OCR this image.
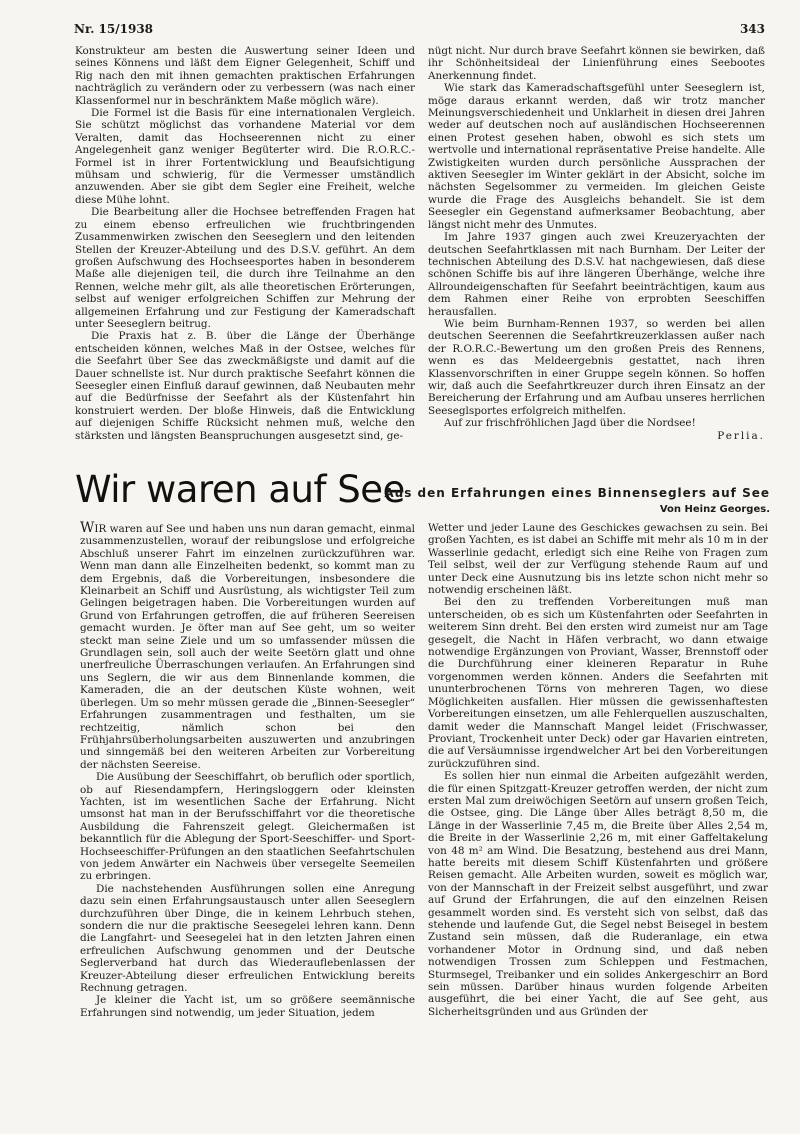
Nr. 15/1938	343

Konstrukteur am besten die Auswertung seiner Ideen und seines Könnens und läßt dem Eigner Gelegenheit, Schiff und Rig nach den mit ihnen gemachten praktischen Erfahrungen nachträglich zu verändern oder zu verbessern (was nach einer Klassenformel nur in beschränktem Maße möglich wäre).

Die Formel ist die Basis für eine internationalen Vergleich. Sie schützt möglichst das vorhandene Material vor dem Veralten, damit das Hochseerennen nicht zu einer Angelegenheit ganz weniger Begüterter wird. Die R.O.R.C.-Formel ist in ihrer Fortentwicklung und Beaufsichtigung mühsam und schwierig, für die Vermesser umständlich anzuwenden. Aber sie gibt dem Segler eine Freiheit, welche diese Mühe lohnt.

Die Bearbeitung aller die Hochsee betreffenden Fragen hat zu einem ebenso erfreulichen wie fruchtbringenden Zusammenwirken zwischen den Seeseglern und den leitenden Stellen der Kreuzer-Abteilung und des D.S.V. geführt. An dem großen Aufschwung des Hochseesportes haben in besonderem Maße alle diejenigen teil, die durch ihre Teilnahme an den Rennen, welche mehr gilt, als alle theoretischen Erörterungen, selbst auf weniger erfolgreichen Schiffen zur Mehrung der allgemeinen Erfahrung und zur Festigung der Kameradschaft unter Seeseglern beitrug.

Die Praxis hat z. B. über die Länge der Überhänge entscheiden können, welches Maß in der Ostsee, welches für die Seefahrt über See das zweckmäßigste und damit auf die Dauer schnellste ist. Nur durch praktische Seefahrt können die Seesegler einen Einfluß darauf gewinnen, daß Neubauten mehr auf die Bedürfnisse der Seefahrt als der Küstenfahrt hin konstruiert werden. Der bloße Hinweis, daß die Entwicklung auf diejenigen Schiffe Rücksicht nehmen muß, welche den stärksten und längsten Beanspruchungen ausgesetzt sind, ge-

nügt nicht. Nur durch brave Seefahrt können sie bewirken, daß ihr Schönheitsideal der Linienführung eines Seebootes Anerkennung findet.

Wie stark das Kameradschaftsgefühl unter Seeseglern ist, möge daraus erkannt werden, daß wir trotz mancher Meinungsverschiedenheit und Unklarheit in diesen drei Jahren weder auf deutschen noch auf ausländischen Hochseerennen einen Protest gesehen haben, obwohl es sich stets um wertvolle und international repräsentative Preise handelte. Alle Zwistigkeiten wurden durch persönliche Aussprachen der aktiven Seesegler im Winter geklärt in der Absicht, solche im nächsten Segelsommer zu vermeiden. Im gleichen Geiste wurde die Frage des Ausgleichs behandelt. Sie ist dem Seesegler ein Gegenstand aufmerksamer Beobachtung, aber längst nicht mehr des Unmutes.

Im Jahre 1937 gingen auch zwei Kreuzeryachten der deutschen Seefahrtklassen mit nach Burnham. Der Leiter der technischen Abteilung des D.S.V. hat nachgewiesen, daß diese schönen Schiffe bis auf ihre längeren Überhänge, welche ihre Allroundeigenschaften für Seefahrt beeinträchtigen, kaum aus dem Rahmen einer Reihe von erprobten Seeschiffen herausfallen.

Wie beim Burnham-Rennen 1937, so werden bei allen deutschen Seerennen die Seefahrtkreuzerklassen außer nach der R.O.R.C.-Bewertung um den großen Preis des Rennens, wenn es das Meldeergebnis gestattet, nach ihren Klassenvorschriften in einer Gruppe segeln können. So hoffen wir, daß auch die Seefahrtkreuzer durch ihren Einsatz an der Bereicherung der Erfahrung und am Aufbau unseres herrlichen Seeseglsportes erfolgreich mithelfen.

Auf zur frischfröhlichen Jagd über die Nordsee!

Perlia.

Wir waren auf See
Aus den Erfahrungen eines Binnenseglers auf See
Von Heinz Georges.

WIR waren auf See und haben uns nun daran gemacht, einmal zusammenzustellen, worauf der reibungslose und erfolgreiche Abschluß unserer Fahrt im einzelnen zurückzuführen war. Wenn man dann alle Einzelheiten bedenkt, so kommt man zu dem Ergebnis, daß die Vorbereitungen, insbesondere die Kleinarbeit an Schiff und Ausrüstung, als wichtigster Teil zum Gelingen beigetragen haben. Die Vorbereitungen wurden auf Grund von Erfahrungen getroffen, die auf früheren Seereisen gemacht wurden. Je öfter man auf See geht, um so weiter steckt man seine Ziele und um so umfassender müssen die Grundlagen sein, soll auch der weite Seetörn glatt und ohne unerfreuliche Überraschungen verlaufen. An Erfahrungen sind uns Seglern, die wir aus dem Binnenlande kommen, die Kameraden, die an der deutschen Küste wohnen, weit überlegen. Um so mehr müssen gerade die „Binnen-Seesegler“ Erfahrungen zusammentragen und festhalten, um sie rechtzeitig, nämlich schon bei den Frühjahrsüberholungsarbeiten auszuwerten und anzubringen und sinngemäß bei den weiteren Arbeiten zur Vorbereitung der nächsten Seereise.

Die Ausübung der Seeschiffahrt, ob beruflich oder sportlich, ob auf Riesendampfern, Heringsloggern oder kleinsten Yachten, ist im wesentlichen Sache der Erfahrung. Nicht umsonst hat man in der Berufsschiffahrt vor die theoretische Ausbildung die Fahrenszeit gelegt. Gleichermaßen ist bekanntlich für die Ablegung der Sport-Seeschiffer- und Sport-Hochseeschiffer-Prüfungen an den staatlichen Seefahrtschulen von jedem Anwärter ein Nachweis über versegelte Seemeilen zu erbringen.

Die nachstehenden Ausführungen sollen eine Anregung dazu sein einen Erfahrungsaustausch unter allen Seeseglern durchzuführen über Dinge, die in keinem Lehrbuch stehen, sondern die nur die praktische Seesegelei lehren kann. Denn die Langfahrt- und Seesegelei hat in den letzten Jahren einen erfreulichen Aufschwung genommen und der Deutsche Seglerverband hat durch das Wiederauflebenlassen der Kreuzer-Abteilung dieser erfreulichen Entwicklung bereits Rechnung getragen.

Je kleiner die Yacht ist, um so größere seemännische Erfahrungen sind notwendig, um jeder Situation, jedem

Wetter und jeder Laune des Geschickes gewachsen zu sein. Bei großen Yachten, es ist dabei an Schiffe mit mehr als 10 m in der Wasserlinie gedacht, erledigt sich eine Reihe von Fragen zum Teil selbst, weil der zur Verfügung stehende Raum auf und unter Deck eine Ausnutzung bis ins letzte schon nicht mehr so notwendig erscheinen läßt.

Bei den zu treffenden Vorbereitungen muß man unterscheiden, ob es sich um Küstenfahrten oder Seefahrten in weiterem Sinn dreht. Bei den ersten wird zumeist nur am Tage gesegelt, die Nacht in Häfen verbracht, wo dann etwaige notwendige Ergänzungen von Proviant, Wasser, Brennstoff oder die Durchführung einer kleineren Reparatur in Ruhe vorgenommen werden können. Anders die Seefahrten mit ununterbrochenen Törns von mehreren Tagen, wo diese Möglichkeiten ausfallen. Hier müssen die gewissenhaftesten Vorbereitungen einsetzen, um alle Fehlerquellen auszuschalten, damit weder die Mannschaft Mangel leidet (Frischwasser, Proviant, Trockenheit unter Deck) oder gar Havarien eintreten, die auf Versäumnisse irgendwelcher Art bei den Vorbereitungen zurückzuführen sind.

Es sollen hier nun einmal die Arbeiten aufgezählt werden, die für einen Spitzgatt-Kreuzer getroffen werden, der nicht zum ersten Mal zum dreiwöchigen Seetörn auf unsern großen Teich, die Ostsee, ging. Die Länge über Alles beträgt 8,50 m, die Länge in der Wasserlinie 7,45 m, die Breite über Alles 2,54 m, die Breite in der Wasserlinie 2,26 m, mit einer Gaffeltakelung von 48 m² am Wind. Die Besatzung, bestehend aus drei Mann, hatte bereits mit diesem Schiff Küstenfahrten und größere Reisen gemacht. Alle Arbeiten wurden, soweit es möglich war, von der Mannschaft in der Freizeit selbst ausgeführt, und zwar auf Grund der Erfahrungen, die auf den einzelnen Reisen gesammelt worden sind. Es versteht sich von selbst, daß das stehende und laufende Gut, die Segel nebst Beisegel in bestem Zustand sein müssen, daß die Ruderanlage, ein etwa vorhandener Motor in Ordnung sind, und daß neben notwendigen Trossen zum Schleppen und Festmachen, Sturmsegel, Treibanker und ein solides Ankergeschirr an Bord sein müssen. Darüber hinaus wurden folgende Arbeiten ausgeführt, die bei einer Yacht, die auf See geht, aus Sicherheitsgründen und aus Gründen der
